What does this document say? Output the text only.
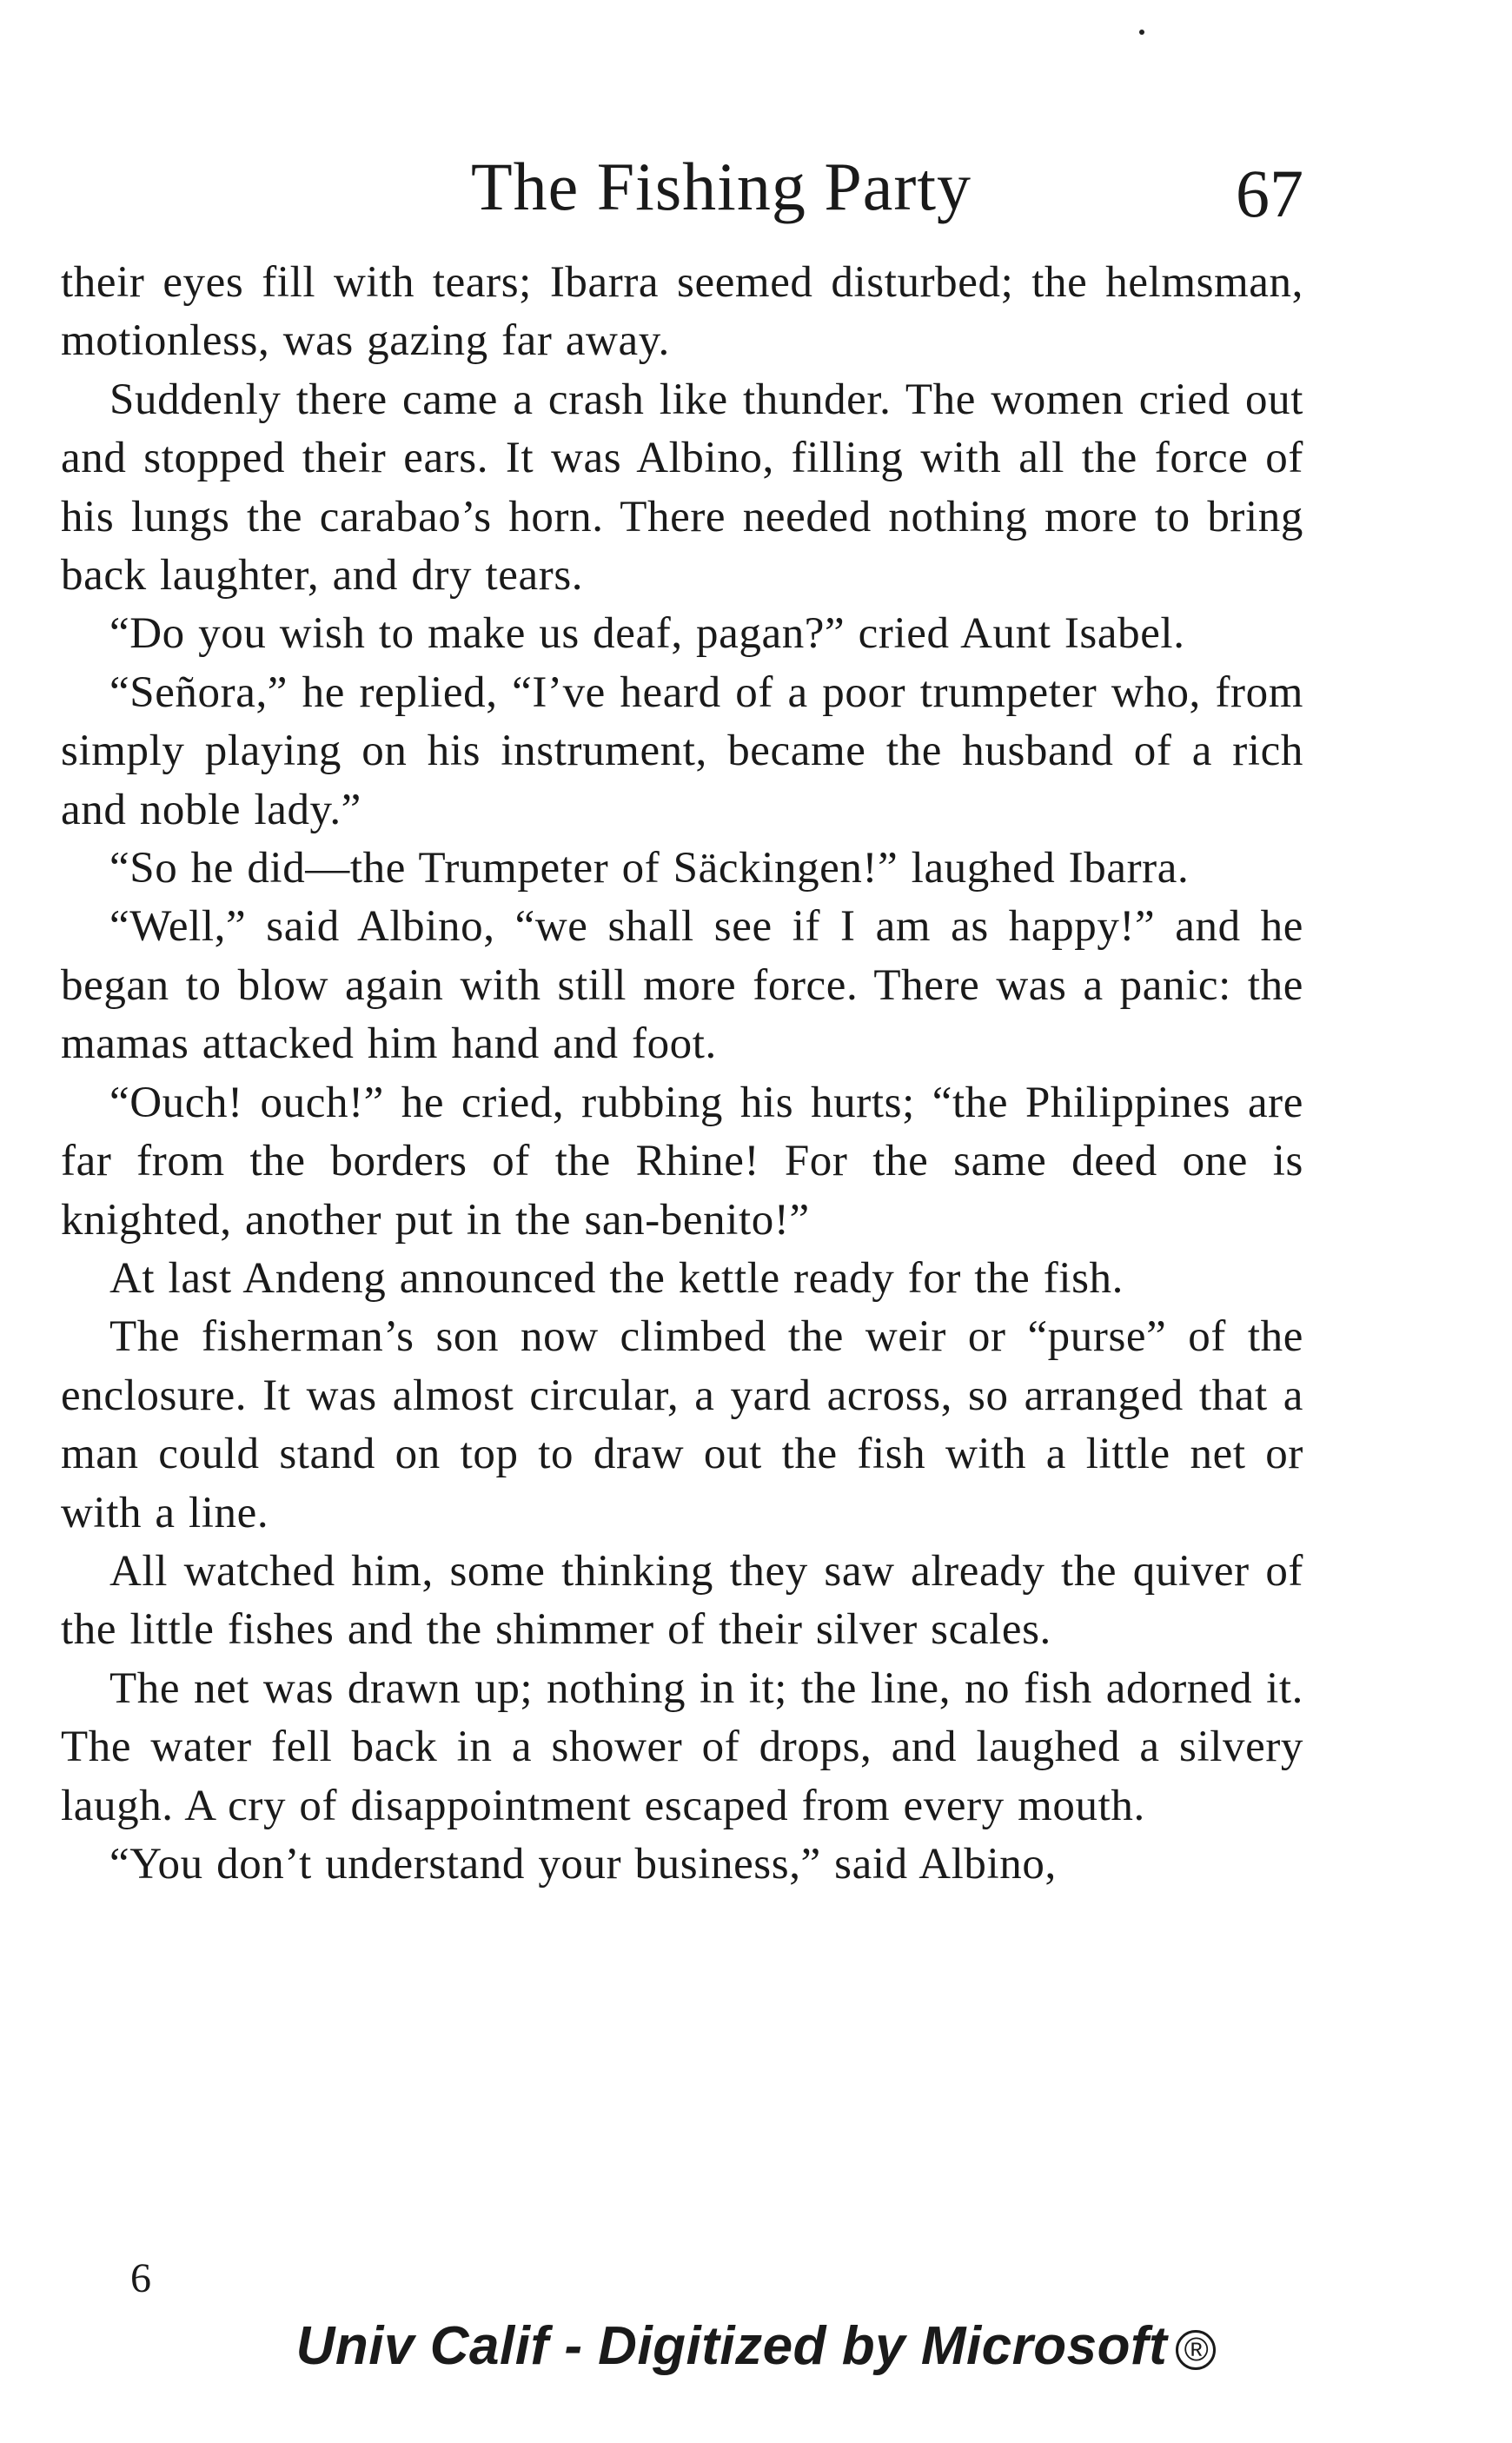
The Fishing Party	67

their eyes fill with tears; Ibarra seemed disturbed; the helmsman, motionless, was gazing far away.

Suddenly there came a crash like thunder. The women cried out and stopped their ears. It was Albino, filling with all the force of his lungs the carabao’s horn. There needed nothing more to bring back laughter, and dry tears.

“Do you wish to make us deaf, pagan?” cried Aunt Isabel.

“Señora,” he replied, “I’ve heard of a poor trumpeter who, from simply playing on his instrument, became the husband of a rich and noble lady.”

“So he did—the Trumpeter of Säckingen!” laughed Ibarra.

“Well,” said Albino, “we shall see if I am as happy!” and he began to blow again with still more force. There was a panic: the mamas attacked him hand and foot.

“Ouch! ouch!” he cried, rubbing his hurts; “the Philippines are far from the borders of the Rhine! For the same deed one is knighted, another put in the san-benito!”

At last Andeng announced the kettle ready for the fish.

The fisherman’s son now climbed the weir or “purse” of the enclosure. It was almost circular, a yard across, so arranged that a man could stand on top to draw out the fish with a little net or with a line.

All watched him, some thinking they saw already the quiver of the little fishes and the shimmer of their silver scales.

The net was drawn up; nothing in it; the line, no fish adorned it. The water fell back in a shower of drops, and laughed a silvery laugh. A cry of disappointment escaped from every mouth.

“You don’t understand your business,” said Albino,

6
Univ Calif - Digitized by Microsoft ®
